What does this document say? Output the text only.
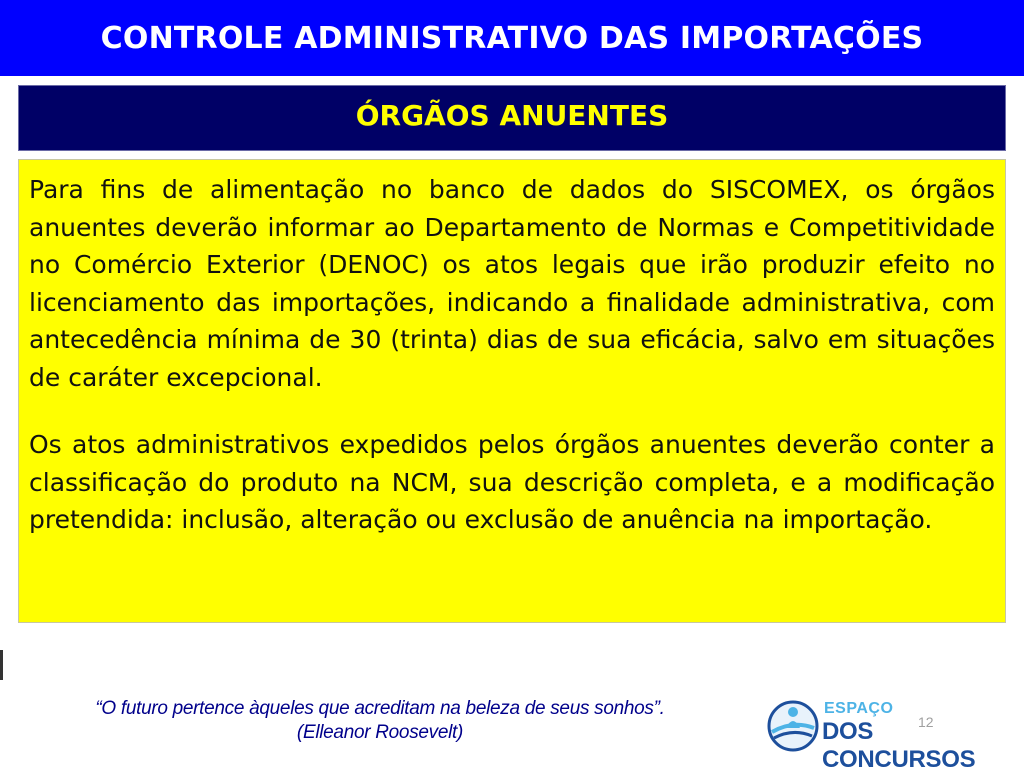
CONTROLE ADMINISTRATIVO DAS IMPORTAÇÕES
ÓRGÃOS ANUENTES

Para fins de alimentação no banco de dados do SISCOMEX, os órgãos anuentes deverão informar ao Departamento de Normas e Competitividade no Comércio Exterior (DENOC) os atos legais que irão produzir efeito no licenciamento das importações, indicando a finalidade administrativa, com antecedência mínima de 30 (trinta) dias de sua eficácia, salvo em situações de caráter excepcional.

Os atos administrativos expedidos pelos órgãos anuentes deverão conter a classificação do produto na NCM, sua descrição completa, e a modificação pretendida: inclusão, alteração ou exclusão de anuência na importação.

“O futuro pertence àqueles que acreditam na beleza de seus sonhos”.
(Elleanor Roosevelt)
ESPAÇO
DOS CONCURSOS
12
